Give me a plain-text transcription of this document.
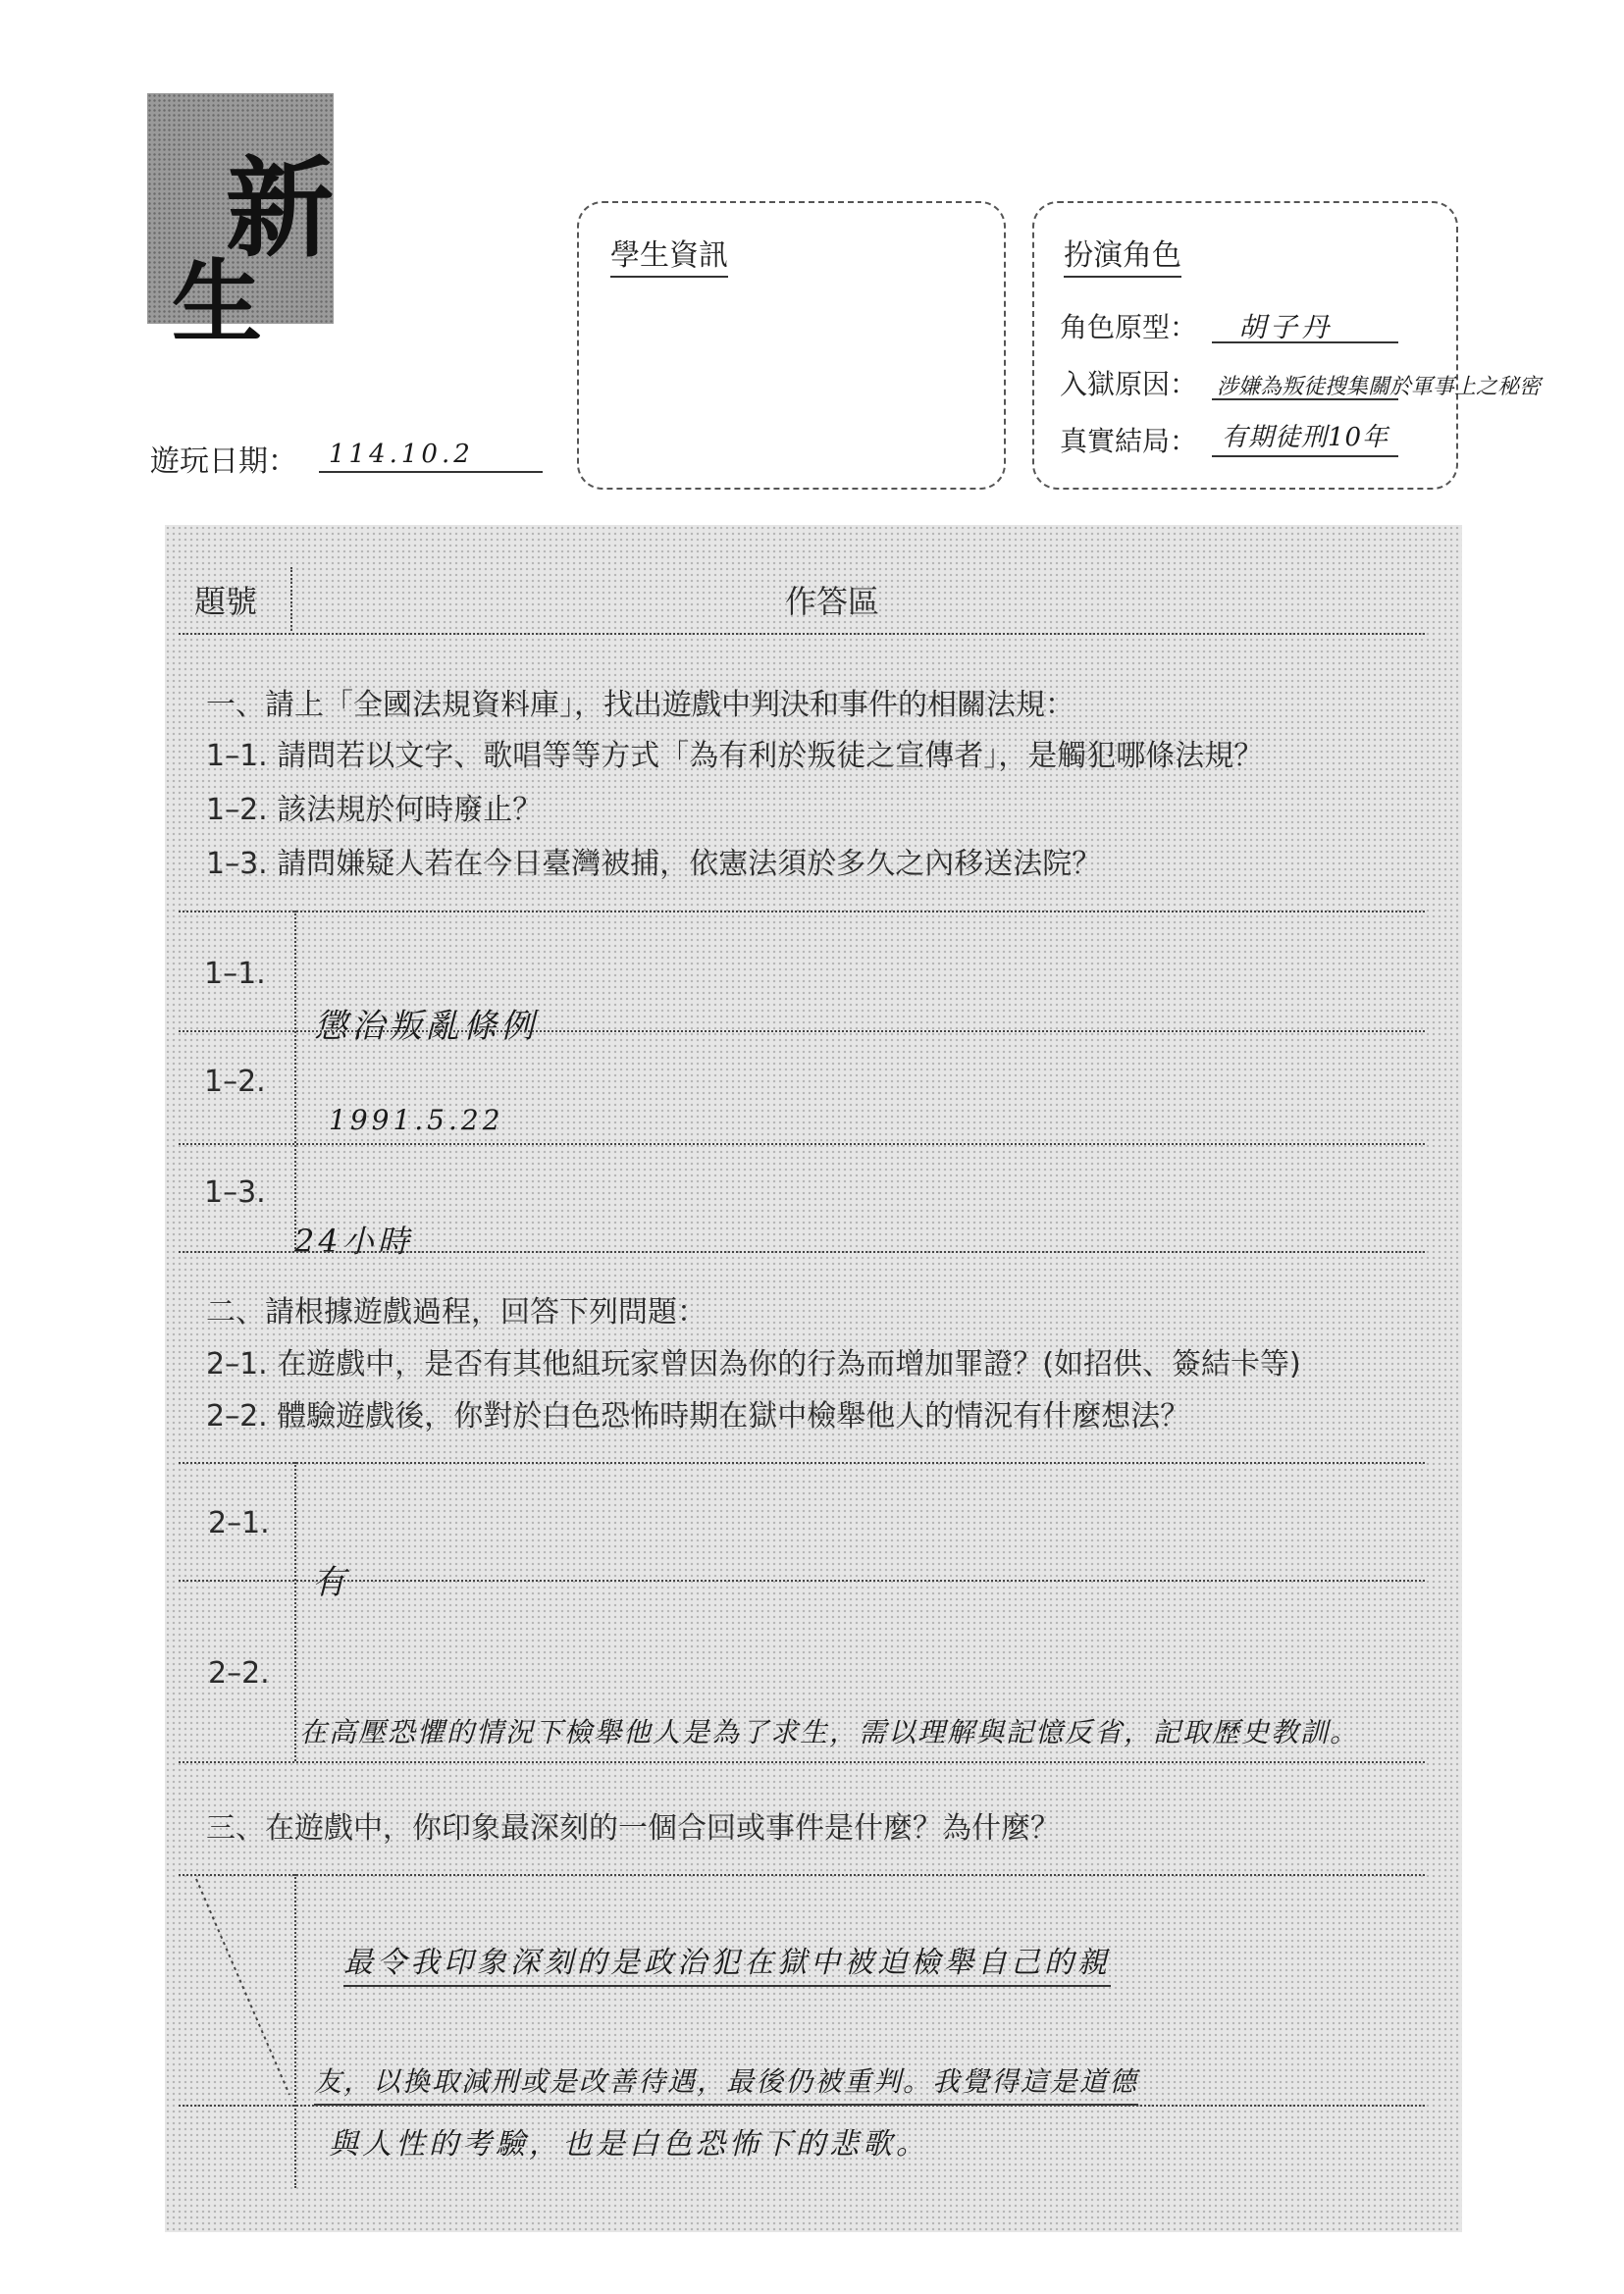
新
生
遊玩日期： 114.10.2
學生資訊	扮演角色
角色原型： 胡子丹
入獄原因： 涉嫌為叛徒搜集關於軍事上之秘密
真實結局： 有期徒刑10年
題號	作答區
一、請上「全國法規資料庫」，找出遊戲中判決和事件的相關法規：
1–1. 請問若以文字、歌唱等等方式「為有利於叛徒之宣傳者」，是觸犯哪條法規？
1–2. 該法規於何時廢止？
1–3. 請問嫌疑人若在今日臺灣被捕，依憲法須於多久之內移送法院？
1–1.
懲治叛亂條例
1–2.
1991.5.22
1–3.
24小時
二、請根據遊戲過程，回答下列問題：
2–1. 在遊戲中，是否有其他組玩家曾因為你的行為而增加罪證？(如招供、簽結卡等)
2–2. 體驗遊戲後，你對於白色恐怖時期在獄中檢舉他人的情況有什麼想法？
2–1.
有
2–2.
在高壓恐懼的情況下檢舉他人是為了求生，需以理解與記憶反省，記取歷史教訓。
三、在遊戲中，你印象最深刻的一個合回或事件是什麼？為什麼？
最令我印象深刻的是政治犯在獄中被迫檢舉自己的親
友，以換取減刑或是改善待遇，最後仍被重判。我覺得這是道德
與人性的考驗，也是白色恐怖下的悲歌。
